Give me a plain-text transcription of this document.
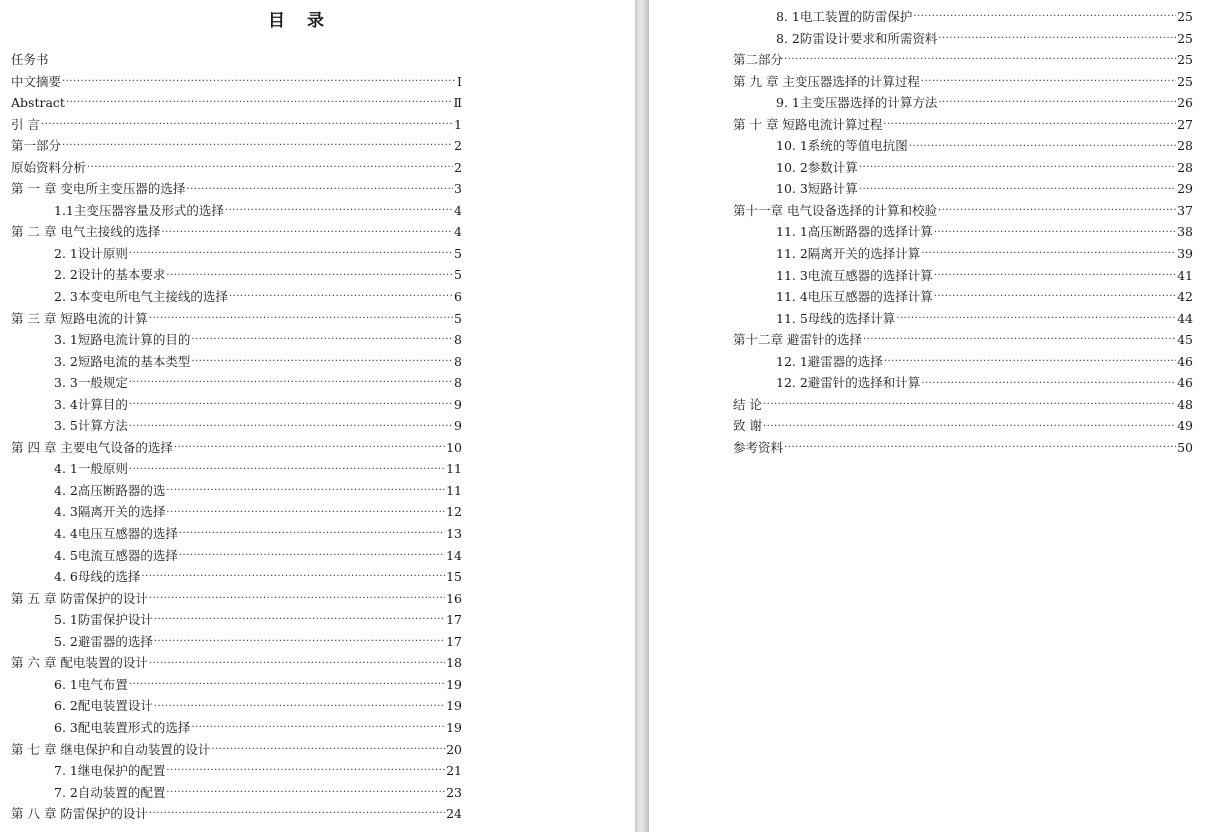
目 录
任务书
中文摘要 ·····	Ⅰ
Abstract ·····	Ⅱ
引 言 ·····	1
第一部分 ·····	2
原始资料分析 ·····	2
第 一 章 变电所主变压器的选择 ·····	3
1.1主变压器容量及形式的选择 ·····	4
第 二 章 电气主接线的选择 ·····	4
2. 1设计原则 ·····	5
2. 2设计的基本要求 ·····	5
2. 3本变电所电气主接线的选择 ·····	6
第 三 章 短路电流的计算 ·····	5
3. 1短路电流计算的目的 ·····	8
3. 2短路电流的基本类型 ·····	8
3. 3一般规定 ·····	8
3. 4计算目的 ·····	9
3. 5计算方法 ·····	9
第 四 章 主要电气设备的选择 ·····	10
4. 1一般原则 ·····	11
4. 2高压断路器的选 ·····	11
4. 3隔离开关的选择 ·····	12
4. 4电压互感器的选择 ·····	13
4. 5电流互感器的选择 ·····	14
4. 6母线的选择 ·····	15
第 五 章 防雷保护的设计 ·····	16
5. 1防雷保护设计 ·····	17
5. 2避雷器的选择 ·····	17
第 六 章 配电装置的设计 ·····	18
6. 1电气布置 ·····	19
6. 2配电装置设计 ·····	19
6. 3配电装置形式的选择 ·····	19
第 七 章 继电保护和自动装置的设计 ·····	20
7. 1继电保护的配置 ·····	21
7. 2自动装置的配置 ·····	23
第 八 章 防雷保护的设计 ·····	24
8. 1电工装置的防雷保护 ·····	25
8. 2防雷设计要求和所需资料 ·····	25
第二部分 ·····	25
第 九 章 主变压器选择的计算过程 ·····	25
9. 1主变压器选择的计算方法 ·····	26
第 十 章 短路电流计算过程 ·····	27
10. 1系统的等值电抗图 ·····	28
10. 2参数计算 ·····	28
10. 3短路计算 ·····	29
第十一章 电气设备选择的计算和校验 ·····	37
11. 1高压断路器的选择计算 ·····	38
11. 2隔离开关的选择计算 ·····	39
11. 3电流互感器的选择计算 ·····	41
11. 4电压互感器的选择计算 ·····	42
11. 5母线的选择计算 ·····	44
第十二章 避雷针的选择 ·····	45
12. 1避雷器的选择 ·····	46
12. 2避雷针的选择和计算 ·····	46
结 论 ·····	48
致 谢 ·····	49
参考资料 ·····	50
